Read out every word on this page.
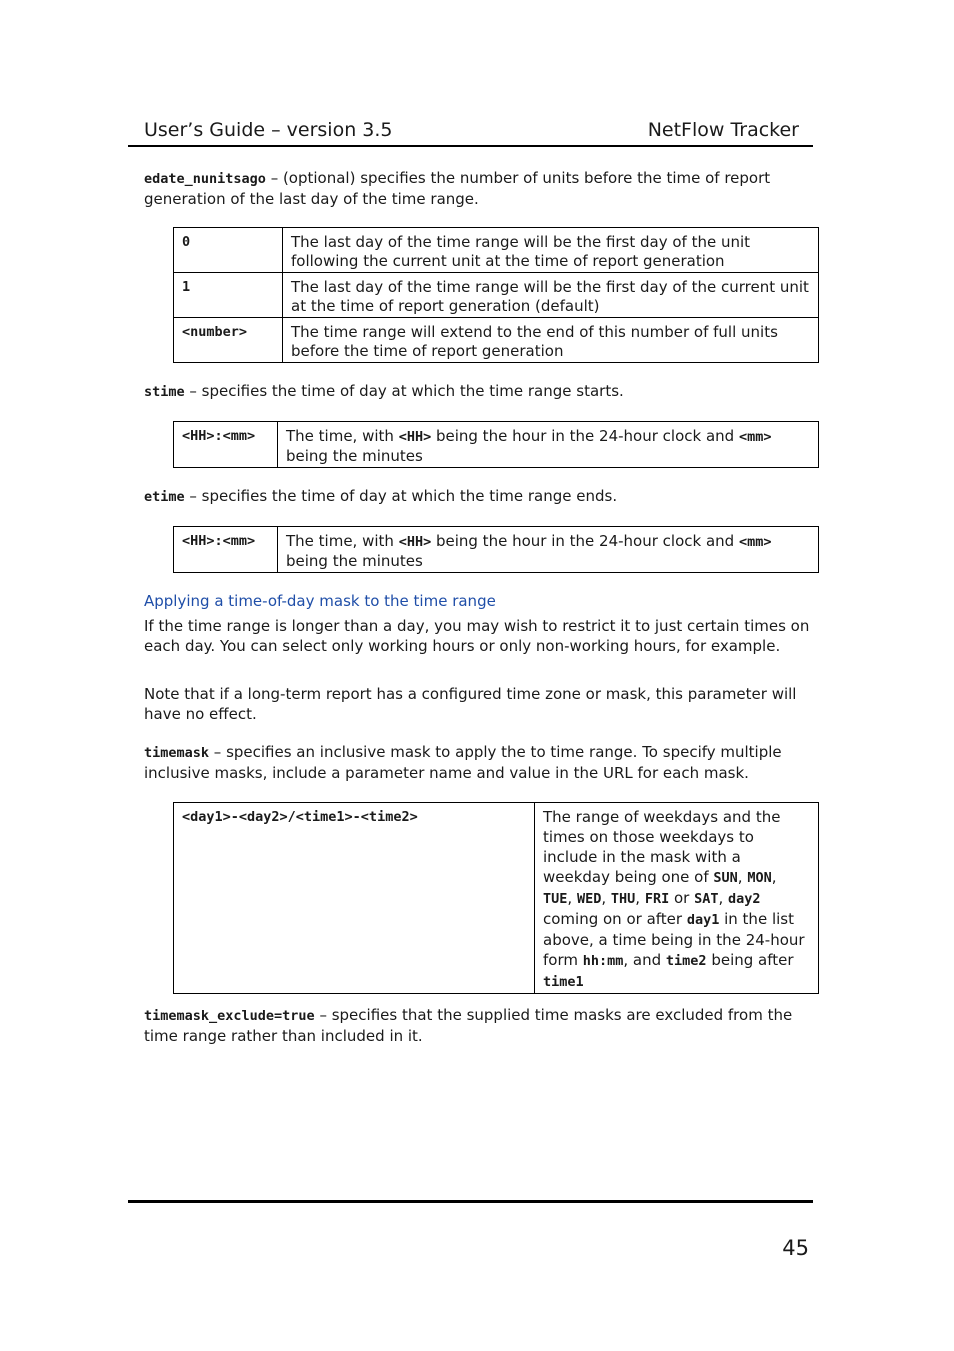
User’s Guide – version 3.5	NetFlow Tracker
edate_nunitsago – (optional) specifies the number of units before the time of report generation of the last day of the time range.
0	The last day of the time range will be the first day of the unit following the current unit at the time of report generation
1	The last day of the time range will be the first day of the current unit at the time of report generation (default)
<number>	The time range will extend to the end of this number of full units before the time of report generation
stime – specifies the time of day at which the time range starts.
<HH>:<mm>	The time, with <HH> being the hour in the 24-hour clock and <mm> being the minutes
etime – specifies the time of day at which the time range ends.
<HH>:<mm>	The time, with <HH> being the hour in the 24-hour clock and <mm> being the minutes
Applying a time-of-day mask to the time range
If the time range is longer than a day, you may wish to restrict it to just certain times on each day. You can select only working hours or only non-working hours, for example.
Note that if a long-term report has a configured time zone or mask, this parameter will have no effect.
timemask – specifies an inclusive mask to apply the to time range. To specify multiple inclusive masks, include a parameter name and value in the URL for each mask.
<day1>-<day2>/<time1>-<time2>	The range of weekdays and the times on those weekdays to include in the mask with a weekday being one of SUN, MON, TUE, WED, THU, FRI or SAT, day2 coming on or after day1 in the list above, a time being in the 24-hour form hh:mm, and time2 being after time1
timemask_exclude=true – specifies that the supplied time masks are excluded from the time range rather than included in it.
45
